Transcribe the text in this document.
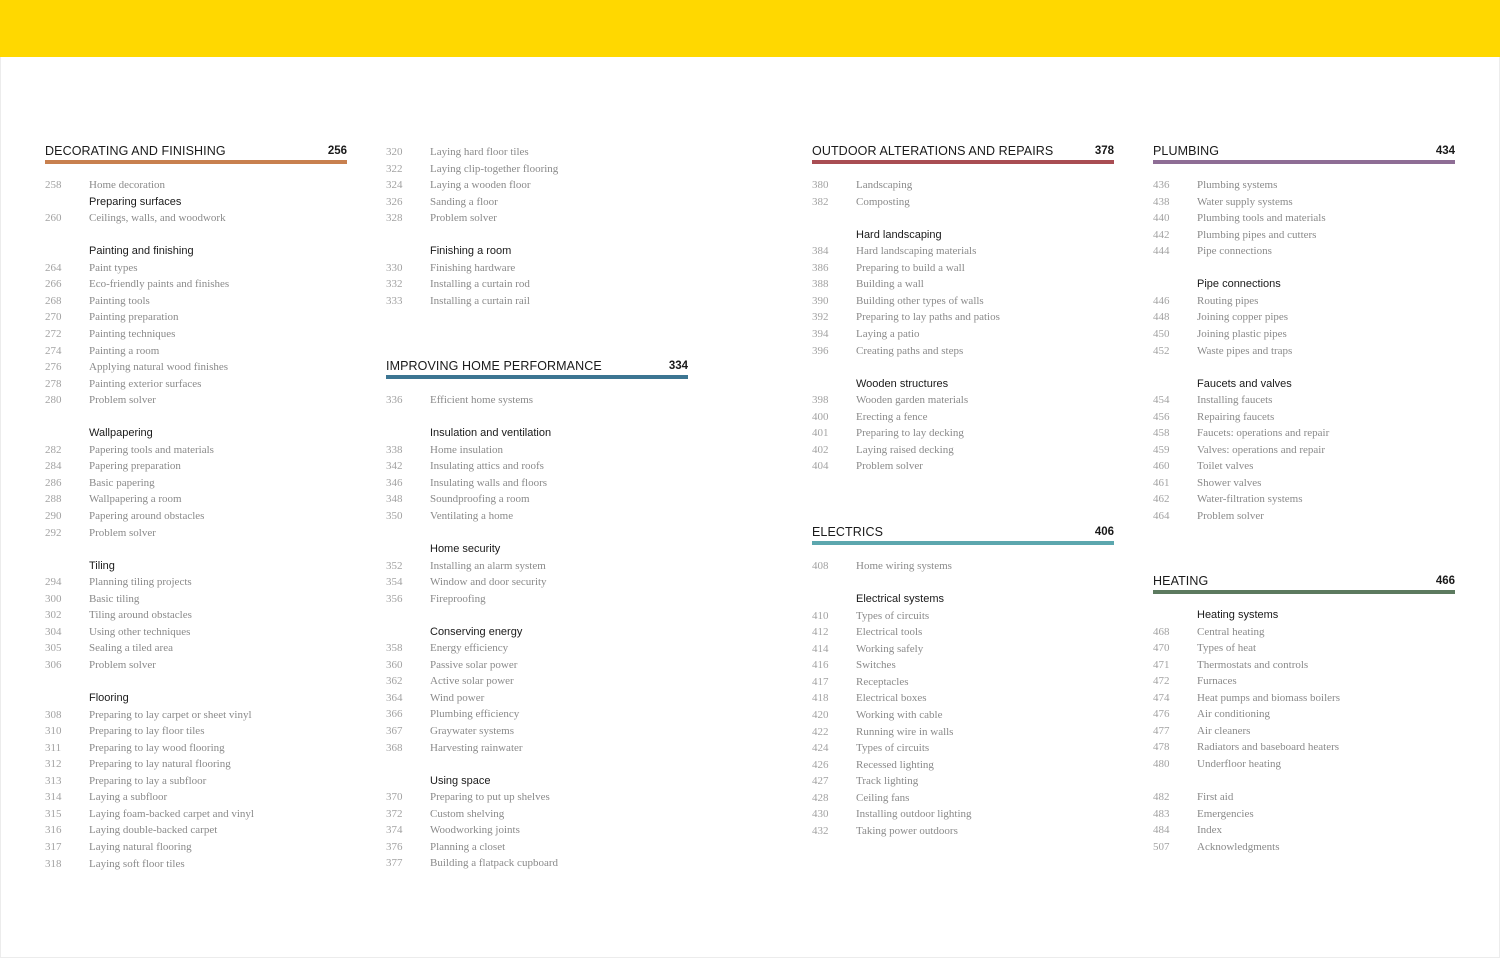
DECORATING AND FINISHING	256
258	Home decoration
Preparing surfaces
260	Ceilings, walls, and woodwork
Painting and finishing
264	Paint types
266	Eco-friendly paints and finishes
268	Painting tools
270	Painting preparation
272	Painting techniques
274	Painting a room
276	Applying natural wood finishes
278	Painting exterior surfaces
280	Problem solver
Wallpapering
282	Papering tools and materials
284	Papering preparation
286	Basic papering
288	Wallpapering a room
290	Papering around obstacles
292	Problem solver
Tiling
294	Planning tiling projects
300	Basic tiling
302	Tiling around obstacles
304	Using other techniques
305	Sealing a tiled area
306	Problem solver
Flooring
308	Preparing to lay carpet or sheet vinyl
310	Preparing to lay floor tiles
311	Preparing to lay wood flooring
312	Preparing to lay natural flooring
313	Preparing to lay a subfloor
314	Laying a subfloor
315	Laying foam-backed carpet and vinyl
316	Laying double-backed carpet
317	Laying natural flooring
318	Laying soft floor tiles
320	Laying hard floor tiles
322	Laying clip-together flooring
324	Laying a wooden floor
326	Sanding a floor
328	Problem solver
Finishing a room
330	Finishing hardware
332	Installing a curtain rod
333	Installing a curtain rail
IMPROVING HOME PERFORMANCE	334
336	Efficient home systems
Insulation and ventilation
338	Home insulation
342	Insulating attics and roofs
346	Insulating walls and floors
348	Soundproofing a room
350	Ventilating a home
Home security
352	Installing an alarm system
354	Window and door security
356	Fireproofing
Conserving energy
358	Energy efficiency
360	Passive solar power
362	Active solar power
364	Wind power
366	Plumbing efficiency
367	Graywater systems
368	Harvesting rainwater
Using space
370	Preparing to put up shelves
372	Custom shelving
374	Woodworking joints
376	Planning a closet
377	Building a flatpack cupboard
OUTDOOR ALTERATIONS AND REPAIRS	378
380	Landscaping
382	Composting
Hard landscaping
384	Hard landscaping materials
386	Preparing to build a wall
388	Building a wall
390	Building other types of walls
392	Preparing to lay paths and patios
394	Laying a patio
396	Creating paths and steps
Wooden structures
398	Wooden garden materials
400	Erecting a fence
401	Preparing to lay decking
402	Laying raised decking
404	Problem solver
ELECTRICS	406
408	Home wiring systems
Electrical systems
410	Types of circuits
412	Electrical tools
414	Working safely
416	Switches
417	Receptacles
418	Electrical boxes
420	Working with cable
422	Running wire in walls
424	Types of circuits
426	Recessed lighting
427	Track lighting
428	Ceiling fans
430	Installing outdoor lighting
432	Taking power outdoors
PLUMBING	434
436	Plumbing systems
438	Water supply systems
440	Plumbing tools and materials
442	Plumbing pipes and cutters
444	Pipe connections
Pipe connections
446	Routing pipes
448	Joining copper pipes
450	Joining plastic pipes
452	Waste pipes and traps
Faucets and valves
454	Installing faucets
456	Repairing faucets
458	Faucets: operations and repair
459	Valves: operations and repair
460	Toilet valves
461	Shower valves
462	Water-filtration systems
464	Problem solver
HEATING	466
Heating systems
468	Central heating
470	Types of heat
471	Thermostats and controls
472	Furnaces
474	Heat pumps and biomass boilers
476	Air conditioning
477	Air cleaners
478	Radiators and baseboard heaters
480	Underfloor heating
482	First aid
483	Emergencies
484	Index
507	Acknowledgments
